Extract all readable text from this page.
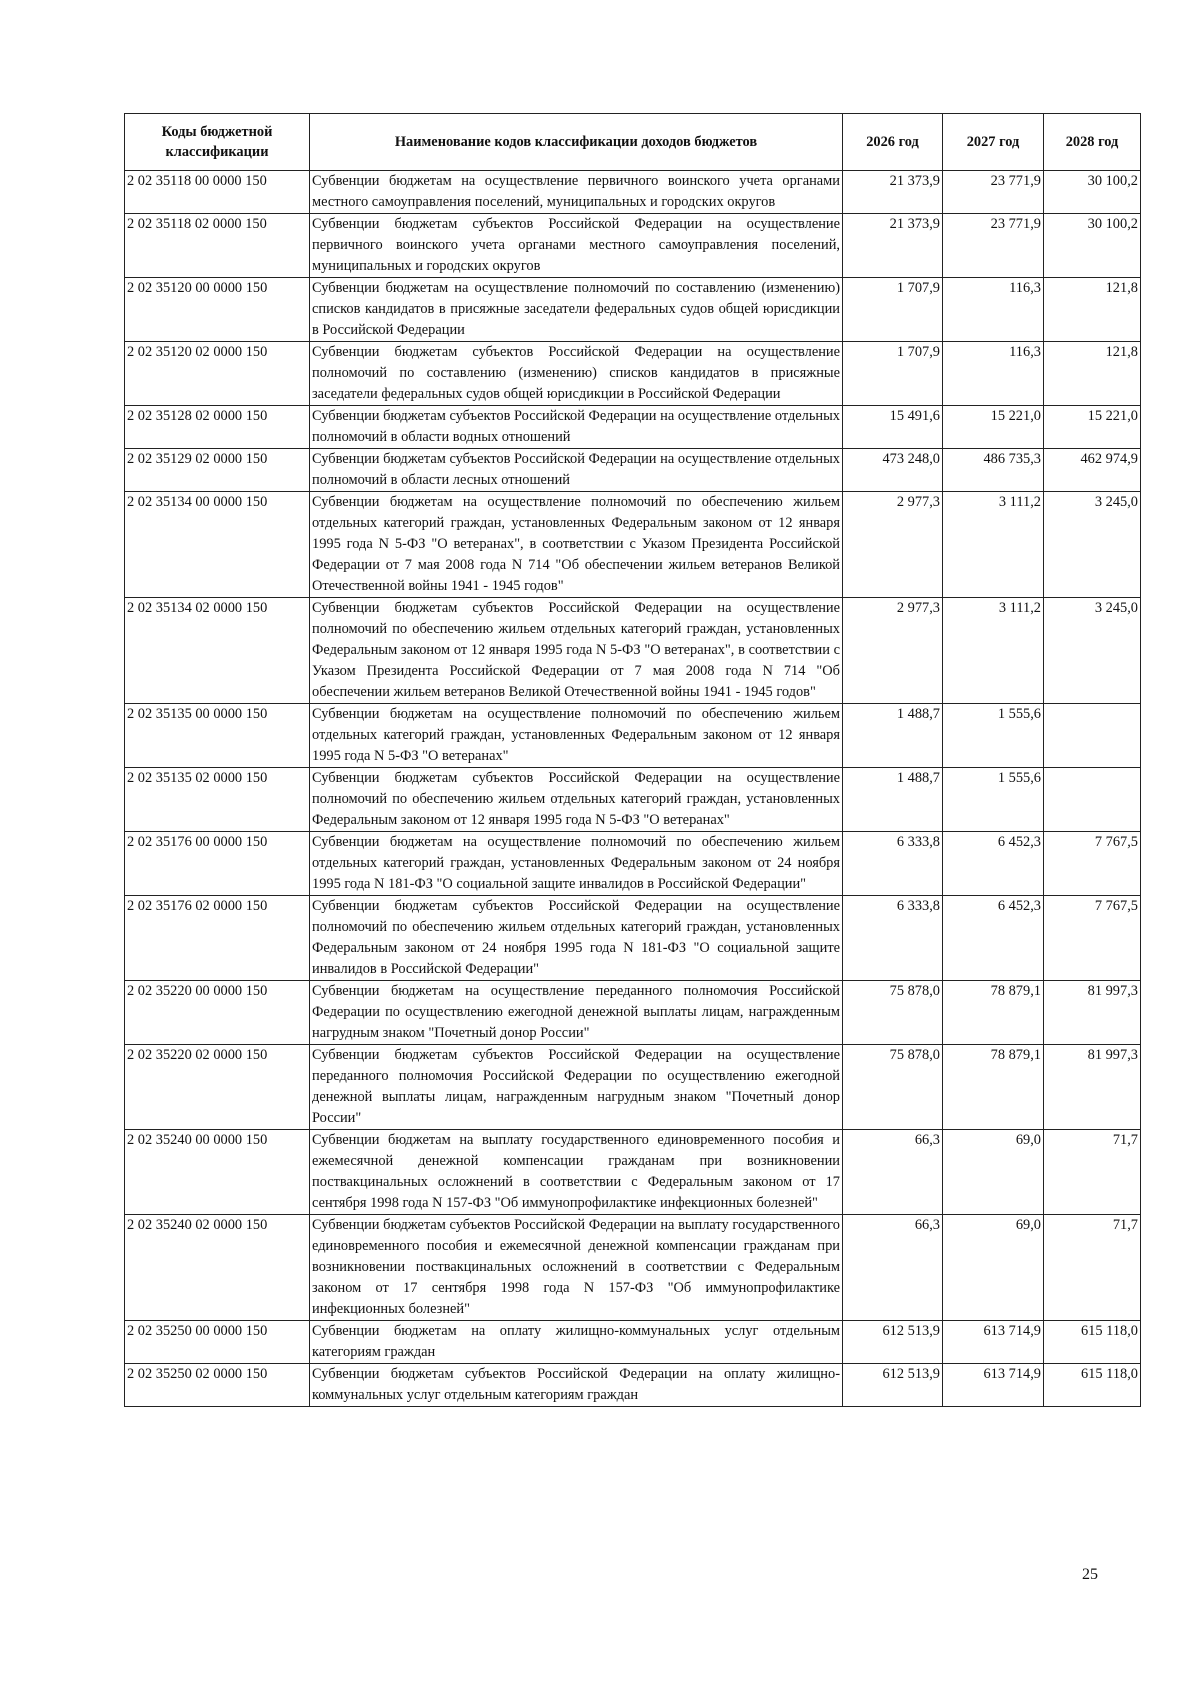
Коды бюджетной классификации	Наименование кодов классификации доходов бюджетов	2026 год	2027 год	2028 год
2 02 35118 00 0000 150	Субвенции бюджетам на осуществление первичного воинского учета органами местного самоуправления поселений, муниципальных и городских округов	21 373,9	23 771,9	30 100,2
2 02 35118 02 0000 150	Субвенции бюджетам субъектов Российской Федерации на осуществление первичного воинского учета органами местного самоуправления поселений, муниципальных и городских округов	21 373,9	23 771,9	30 100,2
2 02 35120 00 0000 150	Субвенции бюджетам на осуществление полномочий по составлению (изменению) списков кандидатов в присяжные заседатели федеральных судов общей юрисдикции в Российской Федерации	1 707,9	116,3	121,8
2 02 35120 02 0000 150	Субвенции бюджетам субъектов Российской Федерации на осуществление полномочий по составлению (изменению) списков кандидатов в присяжные заседатели федеральных судов общей юрисдикции в Российской Федерации	1 707,9	116,3	121,8
2 02 35128 02 0000 150	Субвенции бюджетам субъектов Российской Федерации на осуществление отдельных полномочий в области водных отношений	15 491,6	15 221,0	15 221,0
2 02 35129 02 0000 150	Субвенции бюджетам субъектов Российской Федерации на осуществление отдельных полномочий в области лесных отношений	473 248,0	486 735,3	462 974,9
2 02 35134 00 0000 150	Субвенции бюджетам на осуществление полномочий по обеспечению жильем отдельных категорий граждан, установленных Федеральным законом от 12 января 1995 года N 5-ФЗ "О ветеранах", в соответствии с Указом Президента Российской Федерации от 7 мая 2008 года N 714 "Об обеспечении жильем ветеранов Великой Отечественной войны 1941 - 1945 годов"	2 977,3	3 111,2	3 245,0
2 02 35134 02 0000 150	Субвенции бюджетам субъектов Российской Федерации на осуществление полномочий по обеспечению жильем отдельных категорий граждан, установленных Федеральным законом от 12 января 1995 года N 5-ФЗ "О ветеранах", в соответствии с Указом Президента Российской Федерации от 7 мая 2008 года N 714 "Об обеспечении жильем ветеранов Великой Отечественной войны 1941 - 1945 годов"	2 977,3	3 111,2	3 245,0
2 02 35135 00 0000 150	Субвенции бюджетам на осуществление полномочий по обеспечению жильем отдельных категорий граждан, установленных Федеральным законом от 12 января 1995 года N 5-ФЗ "О ветеранах"	1 488,7	1 555,6	
2 02 35135 02 0000 150	Субвенции бюджетам субъектов Российской Федерации на осуществление полномочий по обеспечению жильем отдельных категорий граждан, установленных Федеральным законом от 12 января 1995 года N 5-ФЗ "О ветеранах"	1 488,7	1 555,6	
2 02 35176 00 0000 150	Субвенции бюджетам на осуществление полномочий по обеспечению жильем отдельных категорий граждан, установленных Федеральным законом от 24 ноября 1995 года N 181-ФЗ "О социальной защите инвалидов в Российской Федерации"	6 333,8	6 452,3	7 767,5
2 02 35176 02 0000 150	Субвенции бюджетам субъектов Российской Федерации на осуществление полномочий по обеспечению жильем отдельных категорий граждан, установленных Федеральным законом от 24 ноября 1995 года N 181-ФЗ "О социальной защите инвалидов в Российской Федерации"	6 333,8	6 452,3	7 767,5
2 02 35220 00 0000 150	Субвенции бюджетам на осуществление переданного полномочия Российской Федерации по осуществлению ежегодной денежной выплаты лицам, награжденным нагрудным знаком "Почетный донор России"	75 878,0	78 879,1	81 997,3
2 02 35220 02 0000 150	Субвенции бюджетам субъектов Российской Федерации на осуществление переданного полномочия Российской Федерации по осуществлению ежегодной денежной выплаты лицам, награжденным нагрудным знаком "Почетный донор России"	75 878,0	78 879,1	81 997,3
2 02 35240 00 0000 150	Субвенции бюджетам на выплату государственного единовременного пособия и ежемесячной денежной компенсации гражданам при возникновении поствакцинальных осложнений в соответствии с Федеральным законом от 17 сентября 1998 года N 157-ФЗ "Об иммунопрофилактике инфекционных болезней"	66,3	69,0	71,7
2 02 35240 02 0000 150	Субвенции бюджетам субъектов Российской Федерации на выплату государственного единовременного пособия и ежемесячной денежной компенсации гражданам при возникновении поствакцинальных осложнений в соответствии с Федеральным законом от 17 сентября 1998 года N 157-ФЗ "Об иммунопрофилактике инфекционных болезней"	66,3	69,0	71,7
2 02 35250 00 0000 150	Субвенции бюджетам на оплату жилищно-коммунальных услуг отдельным категориям граждан	612 513,9	613 714,9	615 118,0
2 02 35250 02 0000 150	Субвенции бюджетам субъектов Российской Федерации на оплату жилищно-коммунальных услуг отдельным категориям граждан	612 513,9	613 714,9	615 118,0
25
